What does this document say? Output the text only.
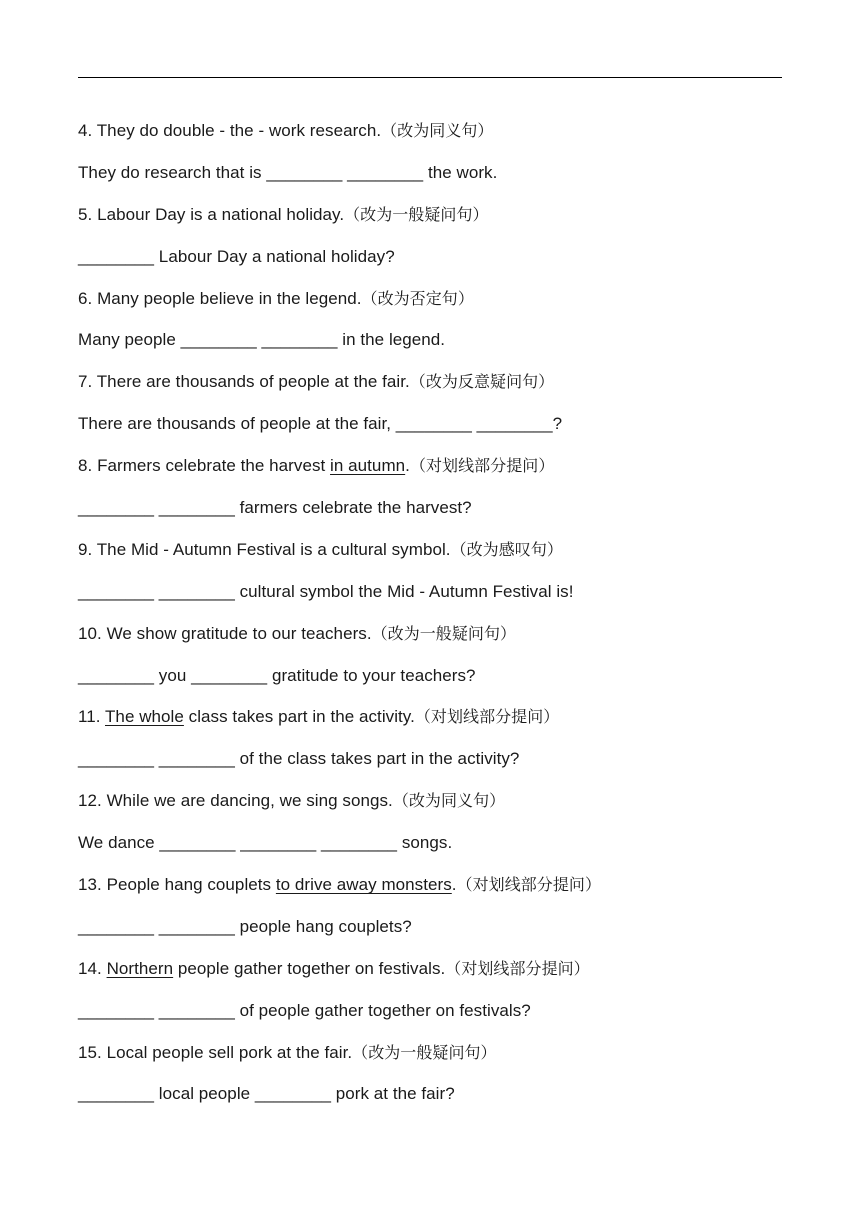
4. They do double - the - work research.（改为同义句）
They do research that is ________ ________ the work.
5. Labour Day is a national holiday.（改为一般疑问句）
________ Labour Day a national holiday?
6. Many people believe in the legend.（改为否定句）
Many people ________ ________ in the legend.
7. There are thousands of people at the fair.（改为反意疑问句）
There are thousands of people at the fair, ________ ________?
8. Farmers celebrate the harvest in autumn.（对划线部分提问）
________ ________ farmers celebrate the harvest?
9. The Mid - Autumn Festival is a cultural symbol.（改为感叹句）
________ ________ cultural symbol the Mid - Autumn Festival is!
10. We show gratitude to our teachers.（改为一般疑问句）
________ you ________ gratitude to your teachers?
11. The whole class takes part in the activity.（对划线部分提问）
________ ________ of the class takes part in the activity?
12. While we are dancing, we sing songs.（改为同义句）
We dance ________ ________ ________ songs.
13. People hang couplets to drive away monsters.（对划线部分提问）
________ ________ people hang couplets?
14. Northern people gather together on festivals.（对划线部分提问）
________ ________ of people gather together on festivals?
15. Local people sell pork at the fair.（改为一般疑问句）
________ local people ________ pork at the fair?
